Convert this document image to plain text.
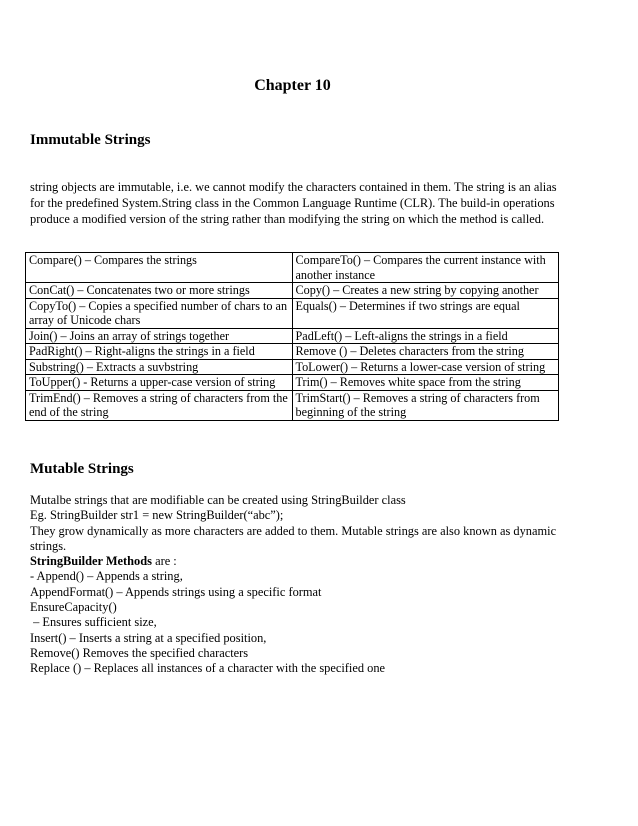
Chapter 10
Immutable Strings

string objects are immutable, i.e. we cannot modify the characters contained in them. The string is an alias for the predefined System.String class in the Common Language Runtime (CLR). The build-in operations produce a modified version of the string rather than modifying the string on which the method is called.

Compare() – Compares the strings	CompareTo() – Compares the current instance with another instance
ConCat() – Concatenates two or more strings	Copy() – Creates a new string by copying another
CopyTo() – Copies a specified number of chars to an array of Unicode chars	Equals() – Determines if two strings are equal
Join() – Joins an array of strings together	PadLeft() – Left-aligns the strings in a field
PadRight() – Right-aligns the strings in a field	Remove () – Deletes characters from the string
Substring() – Extracts a suvbstring	ToLower() – Returns a lower-case version of string
ToUpper() - Returns a upper-case version of string	Trim() – Removes white space from the string
TrimEnd() – Removes a string of characters from the end of the string	TrimStart() – Removes a string of characters from beginning of the string
Mutable Strings
Mutalbe strings that are modifiable can be created using StringBuilder class
Eg. StringBuilder str1 = new StringBuilder(“abc”);
They grow dynamically as more characters are added to them. Mutable strings are also known as dynamic strings.
StringBuilder Methods are :
- Append() – Appends a string,
AppendFormat() – Appends strings using a specific format
EnsureCapacity()
– Ensures sufficient size,
Insert() – Inserts a string at a specified position,
Remove() Removes the specified characters
Replace () – Replaces all instances of a character with the specified one
